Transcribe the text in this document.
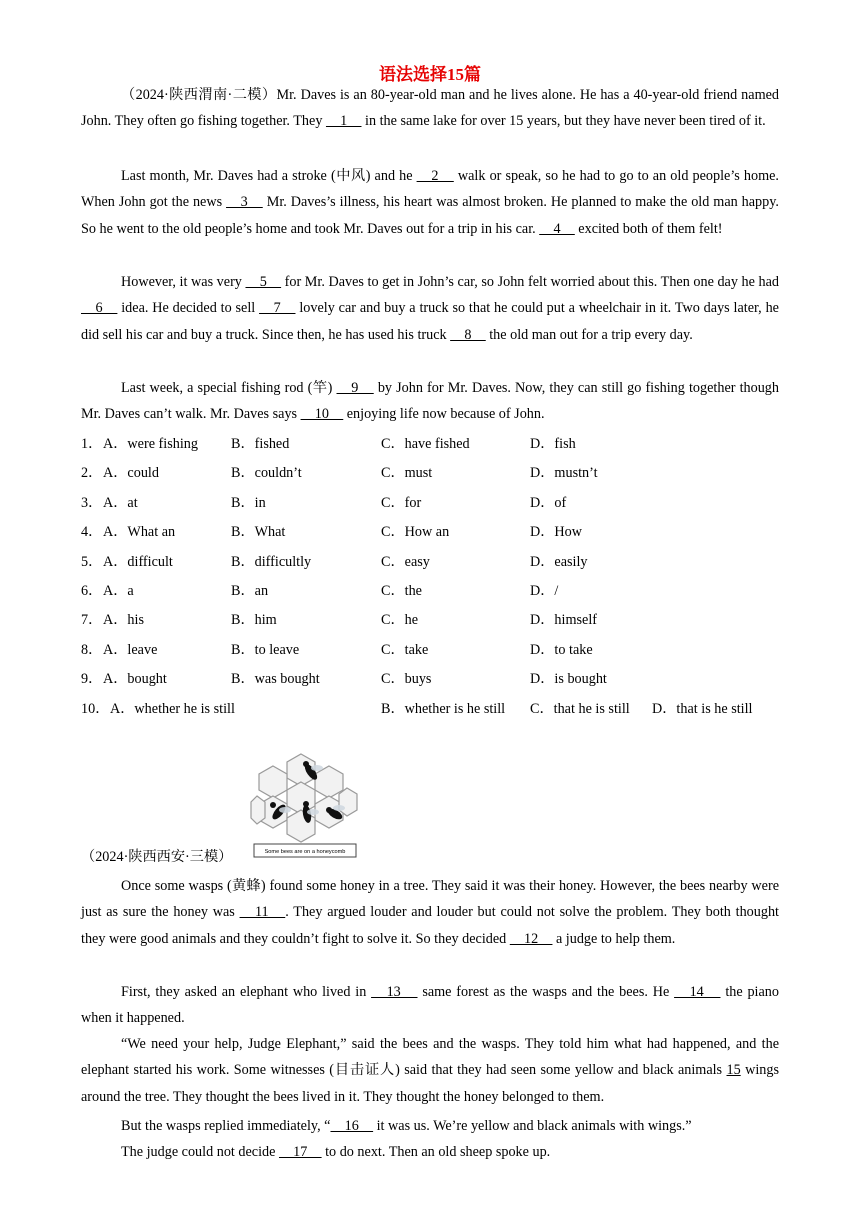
语法选择15篇
（2024·陕西渭南·二模）Mr. Daves is an 80-year-old man and he lives alone. He has a 40-year-old friend named John. They often go fishing together. They ＿1＿ in the same lake for over 15 years, but they have never been tired of it.
Last month, Mr. Daves had a stroke (中风) and he ＿2＿ walk or speak, so he had to go to an old people’s home. When John got the news ＿3＿ Mr. Daves’s illness, his heart was almost broken. He planned to make the old man happy. So he went to the old people’s home and took Mr. Daves out for a trip in his car. ＿4＿ excited both of them felt!
However, it was very ＿5＿ for Mr. Daves to get in John’s car, so John felt worried about this. Then one day he had ＿6＿ idea. He decided to sell ＿7＿ lovely car and buy a truck so that he could put a wheelchair in it. Two days later, he did sell his car and buy a truck. Since then, he has used his truck ＿8＿ the old man out for a trip every day.
Last week, a special fishing rod (竿) ＿9＿ by John for Mr. Daves. Now, they can still go fishing together though Mr. Daves can’t walk. Mr. Daves says ＿10＿ enjoying life now because of John.
1． A．were fishing B．fished	C．have fished	D．fish
2． A．could	B．couldn’t	C．must	D．mustn’t
3． A．at	B．in	C．for	D．of
4． A．What an	B．What	C．How an	D．How
5． A．difficult	B．difficultly	C．easy	D．easily
6． A．a	B．an	C．the	D．/
7． A．his	B．him	C．he	D．himself
8． A．leave	B．to leave	C．take	D．to take
9． A．bought	B．was bought	C．buys	D．is bought
10． A．whether he is still	B．whether is he still C．that he is still D．that is he still
Some bees are on a honeycomb
（2024·陕西西安·三模）
Once some wasps (黄蜂) found some honey in a tree. They said it was their honey. However, the bees nearby were just as sure the honey was ＿11＿. They argued louder and louder but could not solve the problem. They both thought they were good animals and they couldn’t fight to solve it. So they decided ＿12＿ a judge to help them.
First, they asked an elephant who lived in ＿13＿ same forest as the wasps and the bees. He ＿14＿ the piano when it happened.
“We need your help, Judge Elephant,” said the bees and the wasps. They told him what had happened, and the elephant started his work. Some witnesses (目击证人) said that they had seen some yellow and black animals 15 wings around the tree. They thought the bees lived in it. They thought the honey belonged to them.
But the wasps replied immediately, “＿16＿ it was us. We’re yellow and black animals with wings.”
The judge could not decide ＿17＿ to do next. Then an old sheep spoke up.
